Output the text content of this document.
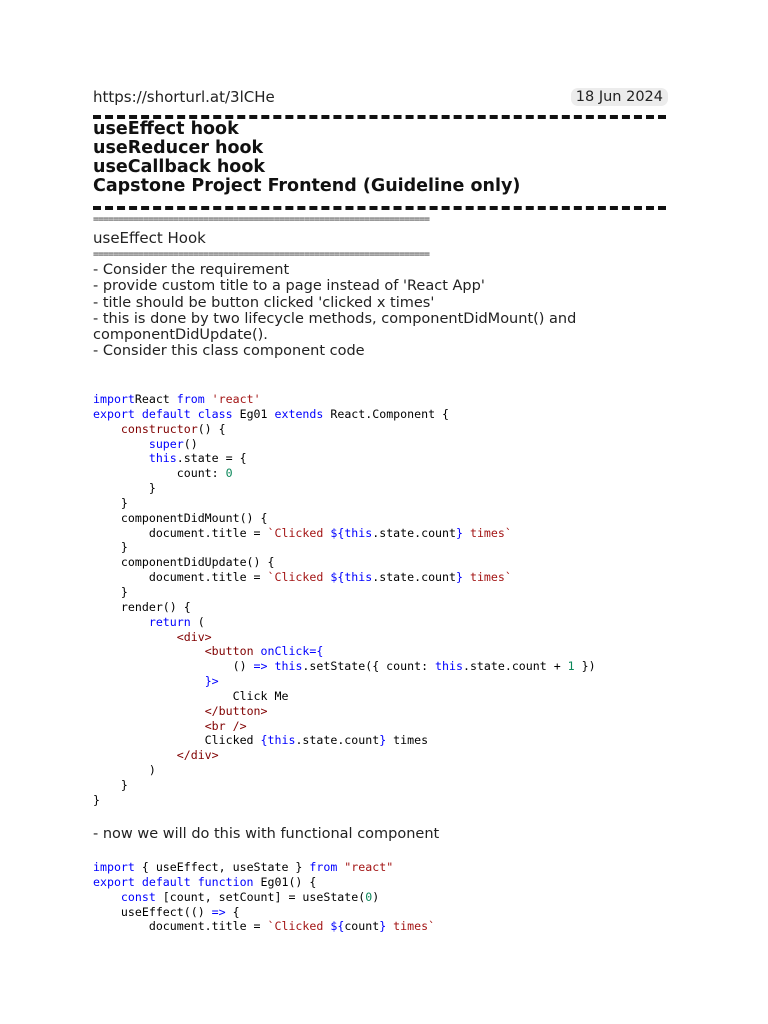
https://shorturl.at/3lCHe	18 Jun 2024
useEffect hook
useReducer hook
useCallback hook
Capstone Project Frontend (Guideline only)
===================================================================
useEffect Hook
===================================================================
- Consider the requirement
- provide custom title to a page instead of 'React App'
- title should be button clicked 'clicked x times'
- this is done by two lifecycle methods, componentDidMount() and
componentDidUpdate().
- Consider this class component code
importReact from 'react'
export default class Eg01 extends React.Component {
constructor() {
super()
this.state = {
count: 0
}
}
componentDidMount() {
document.title = `Clicked ${this.state.count} times`
}
componentDidUpdate() {
document.title = `Clicked ${this.state.count} times`
}
render() {
return (
<div>
<button onClick={
() => this.setState({ count: this.state.count + 1 })
}>
Click Me
</button>
<br />
Clicked {this.state.count} times
</div>
)
}
}
- now we will do this with functional component
import { useEffect, useState } from "react"
export default function Eg01() {
const [count, setCount] = useState(0)
useEffect(() => {
document.title = `Clicked ${count} times`
